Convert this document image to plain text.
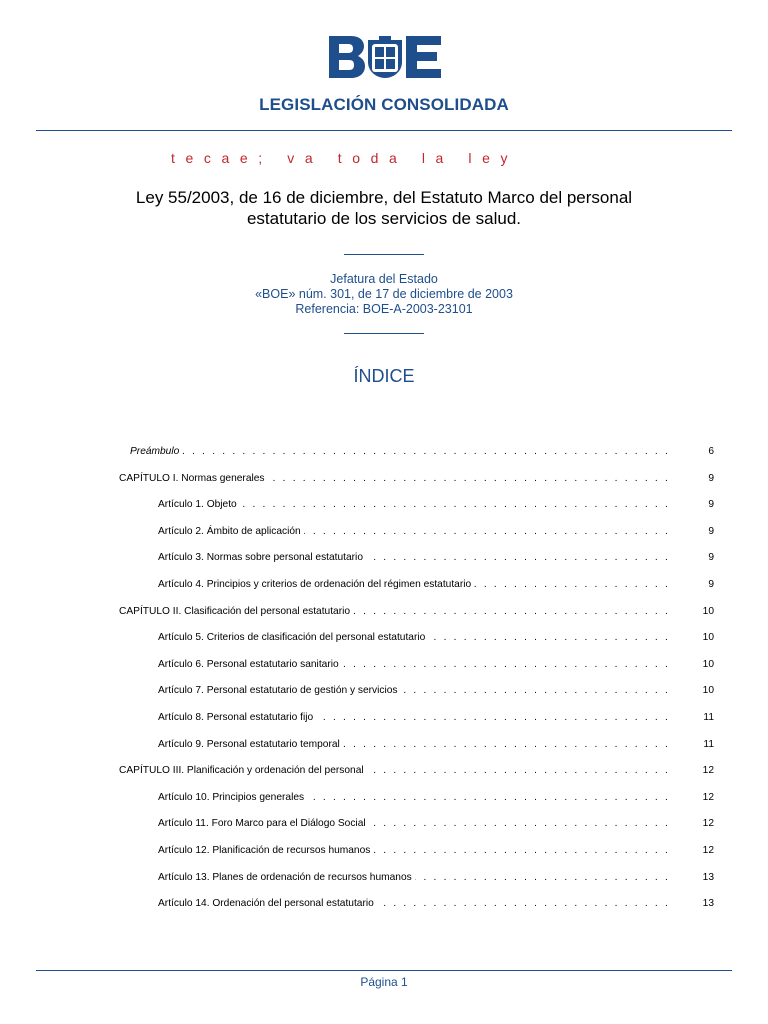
LEGISLACIÓN CONSOLIDADA
tecae; va toda la ley
Ley 55/2003, de 16 de diciembre, del Estatuto Marco del personal
estatutario de los servicios de salud.
Jefatura del Estado
«BOE» núm. 301, de 17 de diciembre de 2003
Referencia: BOE-A-2003-23101
ÍNDICE
Preámbulo	6
CAPÍTULO I. Normas generales	9
Artículo 1. Objeto	9
Artículo 2. Ámbito de aplicación	9
Artículo 3. Normas sobre personal estatutario	9
Artículo 4. Principios y criterios de ordenación del régimen estatutario	9
CAPÍTULO II. Clasificación del personal estatutario	10
Artículo 5. Criterios de clasificación del personal estatutario	10
Artículo 6. Personal estatutario sanitario	10
Artículo 7. Personal estatutario de gestión y servicios	10
Artículo 8. Personal estatutario fijo	11
Artículo 9. Personal estatutario temporal	11
CAPÍTULO III. Planificación y ordenación del personal	12
Artículo 10. Principios generales	12
Artículo 11. Foro Marco para el Diálogo Social	12
Artículo 12. Planificación de recursos humanos	12
Artículo 13. Planes de ordenación de recursos humanos	13
Artículo 14. Ordenación del personal estatutario	13
Página 1
